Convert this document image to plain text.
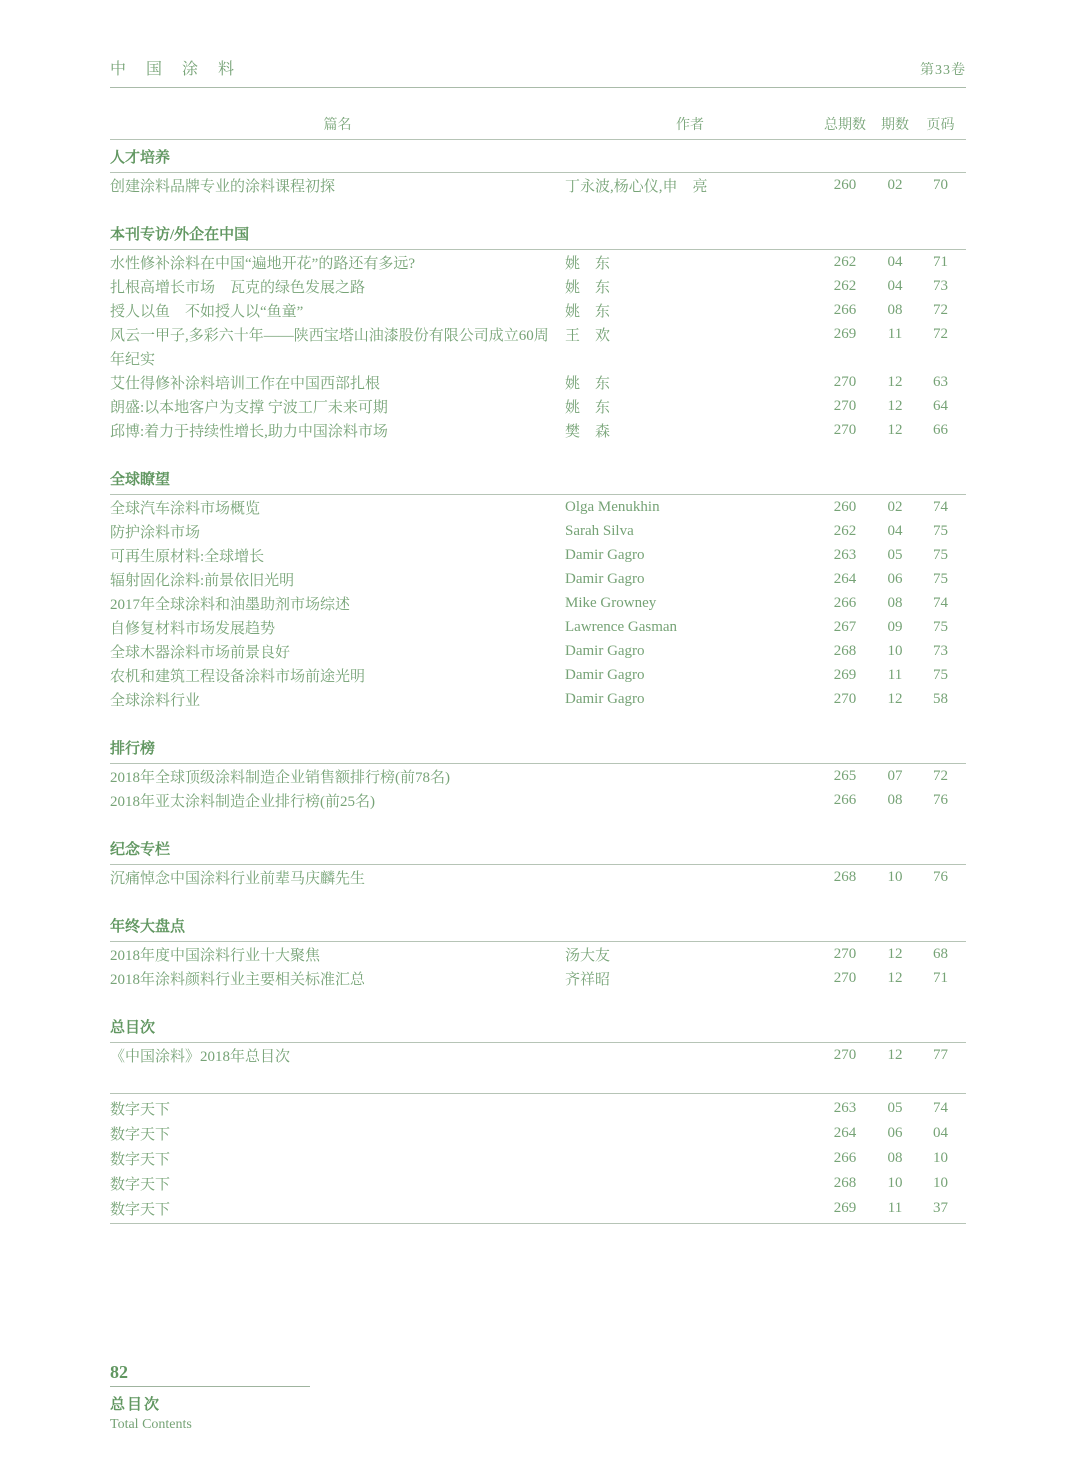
中 国 涂 料	第33卷
篇名	作者	总期数	期数	页码
人才培养
创建涂料品牌专业的涂料课程初探	丁永波,杨心仪,申　亮	260	02	70
本刊专访/外企在中国
水性修补涂料在中国“遍地开花”的路还有多远?	姚　东	262	04	71
扎根高增长市场　瓦克的绿色发展之路	姚　东	262	04	73
授人以鱼　不如授人以“鱼童”	姚　东	266	08	72
风云一甲子,多彩六十年——陕西宝塔山油漆股份有限公司成立60周	王　欢	269	11	72
年纪实
艾仕得修补涂料培训工作在中国西部扎根	姚　东	270	12	63
朗盛:以本地客户为支撑 宁波工厂未来可期	姚　东	270	12	64
邱博:着力于持续性增长,助力中国涂料市场	樊　森	270	12	66
全球瞭望
全球汽车涂料市场概览	Olga Menukhin	260	02	74
防护涂料市场	Sarah Silva	262	04	75
可再生原材料:全球增长	Damir Gagro	263	05	75
辐射固化涂料:前景依旧光明	Damir Gagro	264	06	75
2017年全球涂料和油墨助剂市场综述	Mike Growney	266	08	74
自修复材料市场发展趋势	Lawrence Gasman	267	09	75
全球木器涂料市场前景良好	Damir Gagro	268	10	73
农机和建筑工程设备涂料市场前途光明	Damir Gagro	269	11	75
全球涂料行业	Damir Gagro	270	12	58
排行榜
2018年全球顶级涂料制造企业销售额排行榜(前78名)	265	07	72
2018年亚太涂料制造企业排行榜(前25名)	266	08	76
纪念专栏
沉痛悼念中国涂料行业前辈马庆麟先生	268	10	76
年终大盘点
2018年度中国涂料行业十大聚焦	汤大友	270	12	68
2018年涂料颜料行业主要相关标准汇总	齐祥昭	270	12	71
总目次
《中国涂料》2018年总目次	270	12	77
数字天下	263	05	74
数字天下	264	06	04
数字天下	266	08	10
数字天下	268	10	10
数字天下	269	11	37
82
总目次
Total Contents
